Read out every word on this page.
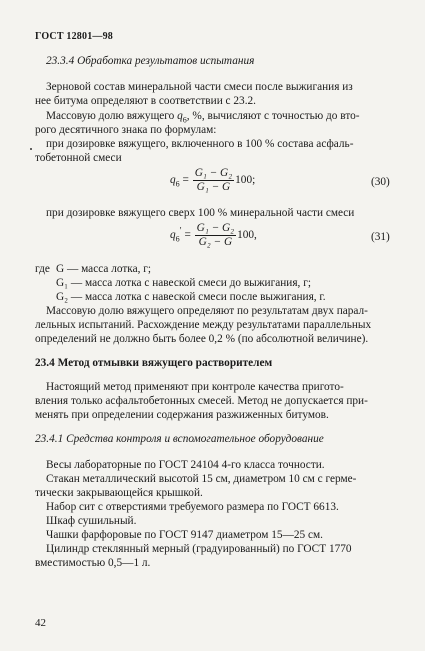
ГОСТ 12801—98
23.3.4 Обработка результатов испытания
Зерновой состав минеральной части смеси после выжигания из
нее битума определяют в соответствии с 23.2.
Массовую долю вяжущего $q_6$, %, вычисляют с точностью до вто-
рого десятичного знака по формулам:
при дозировке вяжущего, включенного в 100 % состава асфаль-
тобетонной смеси
$q_6 = \frac{\text{G₁ − G₂}}{\text{G₁ − G}} 100$;	(30)
при дозировке вяжущего сверх 100 % минеральной части смеси
$q_6' = \frac{\text{G₁ − G₂}}{\text{G₂ − G}} 100$,	(31)
где G — масса лотка, г;
G₁ — масса лотка с навеской смеси до выжигания, г;
G₂ — масса лотка с навеской смеси после выжигания, г.
Массовую долю вяжущего определяют по результатам двух парал-
лельных испытаний. Расхождение между результатами параллельных
определений не должно быть более 0,2 % (по абсолютной величине).
23.4 Метод отмывки вяжущего растворителем
Настоящий метод применяют при контроле качества пригото-
вления только асфальтобетонных смесей. Метод не допускается при-
менять при определении содержания разжиженных битумов.
23.4.1 Средства контроля и вспомогательное оборудование
Весы лабораторные по ГОСТ 24104 4-го класса точности.
Стакан металлический высотой 15 см, диаметром 10 см с герме-
тически закрывающейся крышкой.
Набор сит с отверстиями требуемого размера по ГОСТ 6613.
Шкаф сушильный.
Чашки фарфоровые по ГОСТ 9147 диаметром 15—25 см.
Цилиндр стеклянный мерный (градуированный) по ГОСТ 1770
вместимостью 0,5—1 л.
42
